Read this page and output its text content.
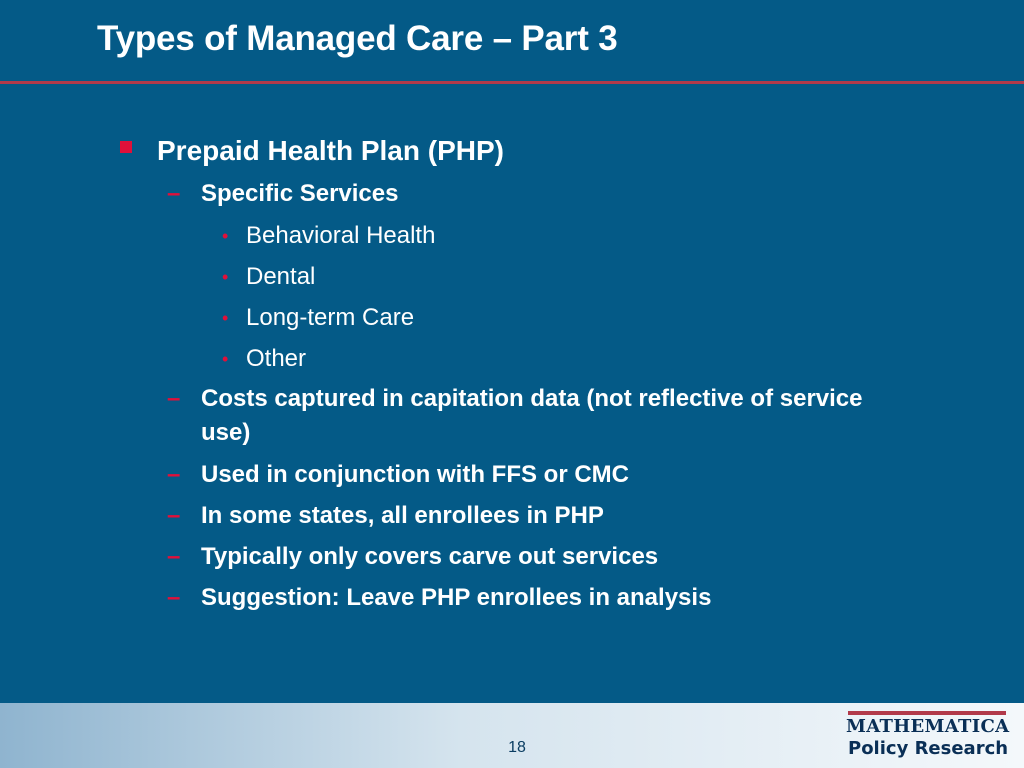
Types of Managed Care – Part 3
Prepaid Health Plan (PHP)
– Specific Services
• Behavioral Health
• Dental
• Long-term Care
• Other
– Costs captured in capitation data (not reflective of service use)
– Used in conjunction with FFS or CMC
– In some states, all enrollees in PHP
– Typically only covers carve out services
– Suggestion: Leave PHP enrollees in analysis
18
MATHEMATICA
Policy Research
